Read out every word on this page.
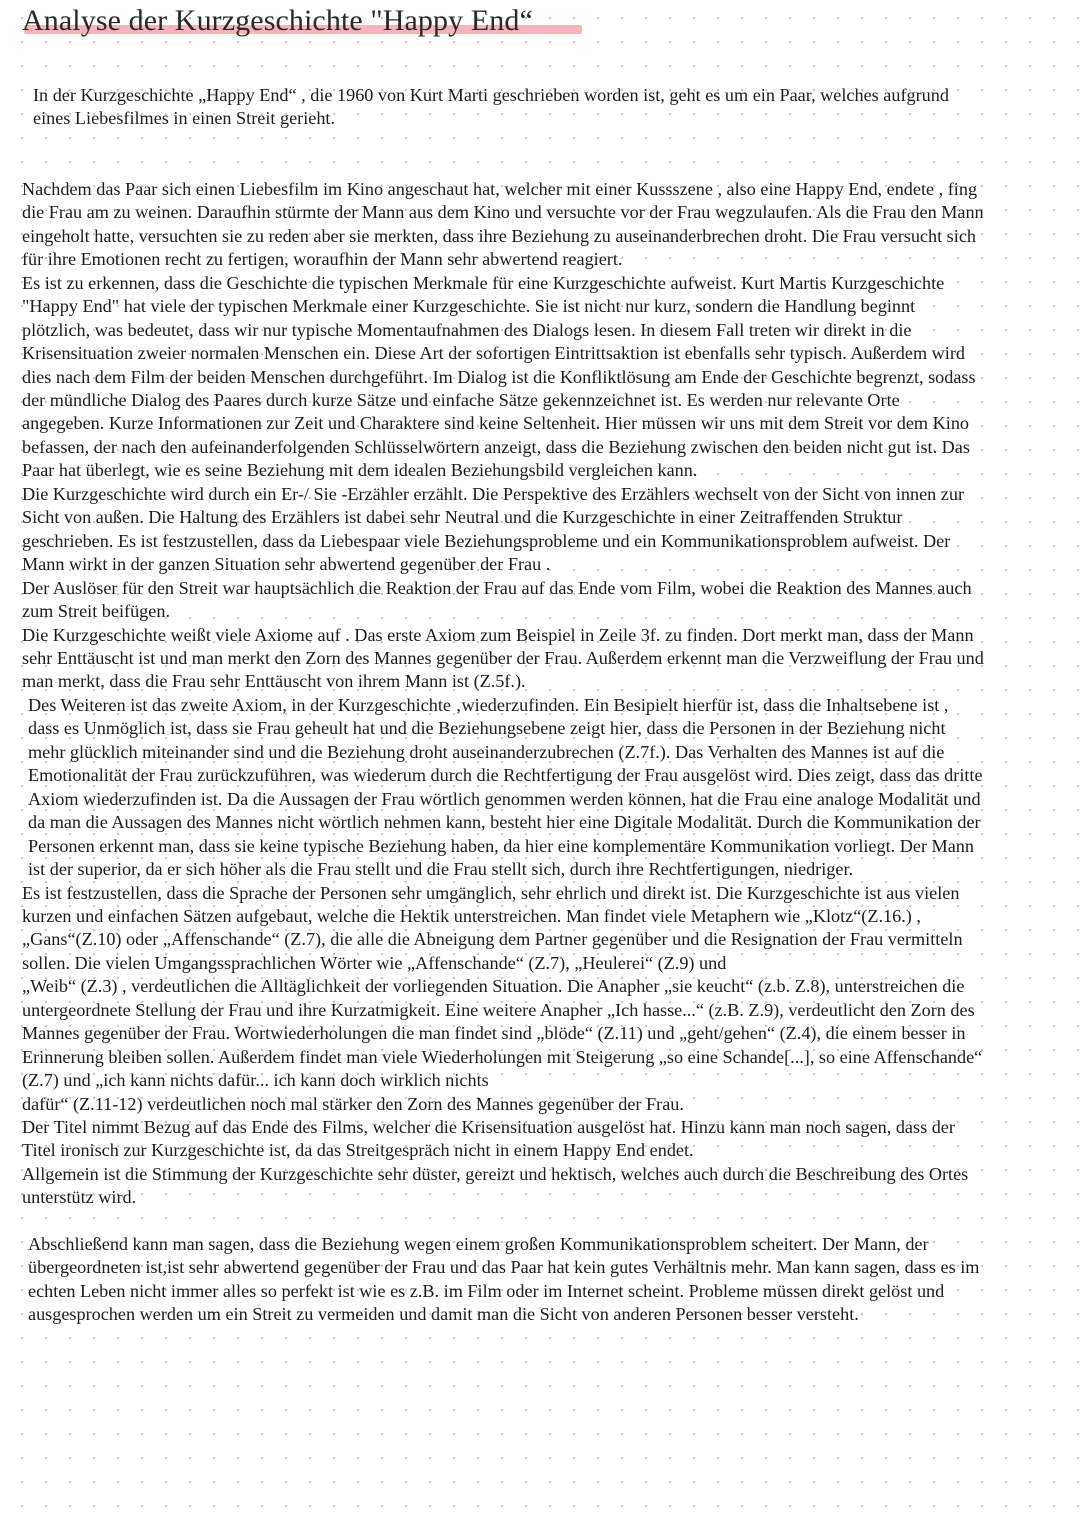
Analyse der Kurzgeschichte "Happy End“

In der Kurzgeschichte „Happy End“ , die 1960 von Kurt Marti geschrieben worden ist, geht es um ein Paar, welches aufgrund eines Liebesfilmes in einen Streit gerieht.

Nachdem das Paar sich einen Liebesfilm im Kino angeschaut hat, welcher mit einer Kussszene , also eine Happy End, endete , fing die Frau am zu weinen. Daraufhin stürmte der Mann aus dem Kino und versuchte vor der Frau wegzulaufen. Als die Frau den Mann eingeholt hatte, versuchten sie zu reden aber sie merkten, dass ihre Beziehung zu auseinanderbrechen droht. Die Frau versucht sich für ihre Emotionen recht zu fertigen, woraufhin der Mann sehr abwertend reagiert.

Es ist zu erkennen, dass die Geschichte die typischen Merkmale für eine Kurzgeschichte aufweist. Kurt Martis Kurzgeschichte "Happy End" hat viele der typischen Merkmale einer Kurzgeschichte. Sie ist nicht nur kurz, sondern die Handlung beginnt plötzlich, was bedeutet, dass wir nur typische Momentaufnahmen des Dialogs lesen. In diesem Fall treten wir direkt in die Krisensituation zweier normalen Menschen ein. Diese Art der sofortigen Eintrittsaktion ist ebenfalls sehr typisch. Außerdem wird dies nach dem Film der beiden Menschen durchgeführt. Im Dialog ist die Konfliktlösung am Ende der Geschichte begrenzt, sodass der mündliche Dialog des Paares durch kurze Sätze und einfache Sätze gekennzeichnet ist. Es werden nur relevante Orte angegeben. Kurze Informationen zur Zeit und Charaktere sind keine Seltenheit. Hier müssen wir uns mit dem Streit vor dem Kino befassen, der nach den aufeinanderfolgenden Schlüsselwörtern anzeigt, dass die Beziehung zwischen den beiden nicht gut ist. Das Paar hat überlegt, wie es seine Beziehung mit dem idealen Beziehungsbild vergleichen kann.

Die Kurzgeschichte wird durch ein Er-/ Sie -Erzähler erzählt. Die Perspektive des Erzählers wechselt von der Sicht von innen zur Sicht von außen. Die Haltung des Erzählers ist dabei sehr Neutral und die Kurzgeschichte in einer Zeitraffenden Struktur geschrieben. Es ist festzustellen, dass da Liebespaar viele Beziehungsprobleme und ein Kommunikationsproblem aufweist. Der Mann wirkt in der ganzen Situation sehr abwertend gegenüber der Frau .

Der Auslöser für den Streit war hauptsächlich die Reaktion der Frau auf das Ende vom Film, wobei die Reaktion des Mannes auch zum Streit beifügen.

Die Kurzgeschichte weißt viele Axiome auf . Das erste Axiom zum Beispiel in Zeile 3f. zu finden. Dort merkt man, dass der Mann sehr Enttäuscht ist und man merkt den Zorn des Mannes gegenüber der Frau. Außerdem erkennt man die Verzweiflung der Frau und

man merkt, dass die Frau sehr Enttäuscht von ihrem Mann ist (Z.5f.).

Des Weiteren ist das zweite Axiom, in der Kurzgeschichte ‚wiederzufinden. Ein Besipielt hierfür ist, dass die Inhaltsebene ist , dass es Unmöglich ist, dass sie Frau geheult hat und die Beziehungsebene zeigt hier, dass die Personen in der Beziehung nicht mehr glücklich miteinander sind und die Beziehung droht auseinanderzubrechen (Z.7f.). Das Verhalten des Mannes ist auf die Emotionalität der Frau zurückzuführen, was wiederum durch die Rechtfertigung der Frau ausgelöst wird. Dies zeigt, dass das dritte Axiom wiederzufinden ist. Da die Aussagen der Frau wörtlich genommen werden können, hat die Frau eine analoge Modalität und da man die Aussagen des Mannes nicht wörtlich nehmen kann, besteht hier eine Digitale Modalität. Durch die Kommunikation der Personen erkennt man, dass sie keine typische Beziehung haben, da hier eine komplementäre Kommunikation vorliegt. Der Mann ist der superior, da er sich höher als die Frau stellt und die Frau stellt sich, durch ihre Rechtfertigungen, niedriger.

Es ist festzustellen, dass die Sprache der Personen sehr umgänglich, sehr ehrlich und direkt ist. Die Kurzgeschichte ist aus vielen kurzen und einfachen Sätzen aufgebaut, welche die Hektik unterstreichen. Man findet viele Metaphern wie „Klotz“(Z.16.) , „Gans“(Z.10) oder „Affenschande“ (Z.7), die alle die Abneigung dem Partner gegenüber und die Resignation der Frau vermitteln sollen. Die vielen Umgangssprachlichen Wörter wie „Affenschande“ (Z.7), „Heulerei“ (Z.9) und

„Weib“ (Z.3) , verdeutlichen die Alltäglichkeit der vorliegenden Situation. Die Anapher „sie keucht“ (z.b. Z.8), unterstreichen die untergeordnete Stellung der Frau und ihre Kurzatmigkeit. Eine weitere Anapher „Ich hasse...“ (z.B. Z.9), verdeutlicht den Zorn des Mannes gegenüber der Frau. Wortwiederholungen die man findet sind „blöde“ (Z.11) und „geht/gehen“ (Z.4), die einem besser in Erinnerung bleiben sollen. Außerdem findet man viele Wiederholungen mit Steigerung „so eine Schande[...], so eine Affenschande“ (Z.7) und „ich kann nichts dafür... ich kann doch wirklich nichts

dafür“ (Z.11-12) verdeutlichen noch mal stärker den Zorn des Mannes gegenüber der Frau.

Der Titel nimmt Bezug auf das Ende des Films, welcher die Krisensituation ausgelöst hat. Hinzu kann man noch sagen, dass der Titel ironisch zur Kurzgeschichte ist, da das Streitgespräch nicht in einem Happy End endet.

Allgemein ist die Stimmung der Kurzgeschichte sehr düster, gereizt und hektisch, welches auch durch die Beschreibung des Ortes unterstütz wird.

Abschließend kann man sagen, dass die Beziehung wegen einem großen Kommunikationsproblem scheitert. Der Mann, der übergeordneten ist,ist sehr abwertend gegenüber der Frau und das Paar hat kein gutes Verhältnis mehr. Man kann sagen, dass es im echten Leben nicht immer alles so perfekt ist wie es z.B. im Film oder im Internet scheint. Probleme müssen direkt gelöst und ausgesprochen werden um ein Streit zu vermeiden und damit man die Sicht von anderen Personen besser versteht.
